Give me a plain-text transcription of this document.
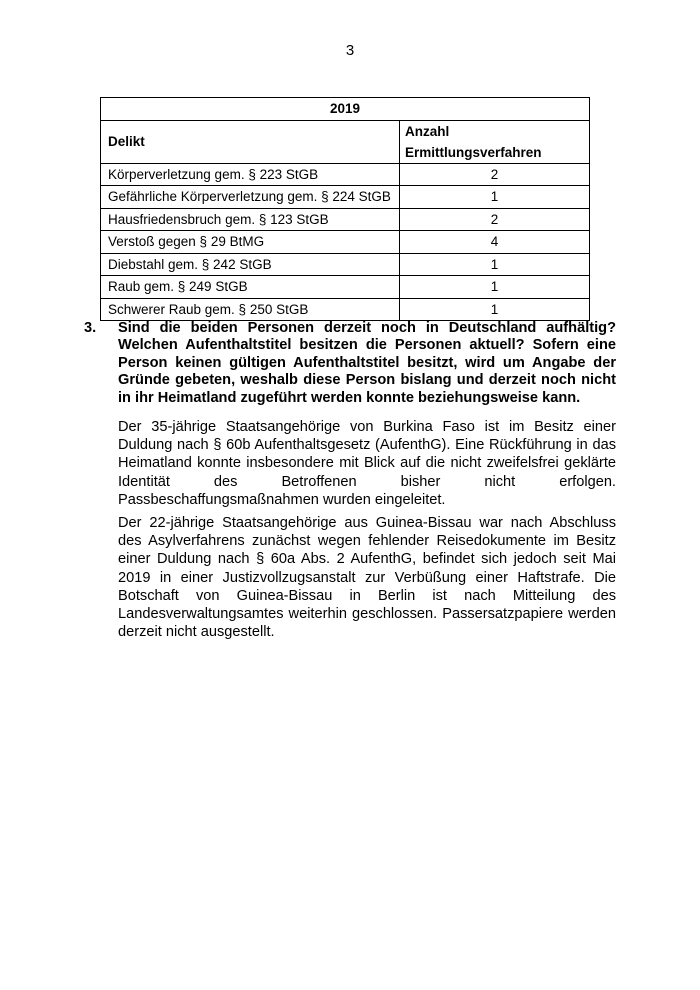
3
2019	
Delikt	Anzahl Ermittlungsverfahren
Körperverletzung gem. § 223 StGB	2
Gefährliche Körperverletzung gem. § 224 StGB	1
Hausfriedensbruch gem. § 123 StGB	2
Verstoß gegen § 29 BtMG	4
Diebstahl gem. § 242 StGB	1
Raub gem. § 249 StGB	1
Schwerer Raub gem. § 250 StGB	1
3. Sind die beiden Personen derzeit noch in Deutschland aufhältig? Welchen Aufenthaltstitel besitzen die Personen aktuell? Sofern eine Person keinen gültigen Aufenthaltstitel besitzt, wird um Angabe der Gründe gebeten, weshalb diese Person bislang und derzeit noch nicht in ihr Heimatland zugeführt werden konnte beziehungsweise kann.

Der 35-jährige Staatsangehörige von Burkina Faso ist im Besitz einer Duldung nach § 60b Aufenthaltsgesetz (AufenthG). Eine Rückführung in das Heimatland konnte insbesondere mit Blick auf die nicht zweifelsfrei geklärte Identität des Betroffenen bisher nicht erfolgen. Passbeschaffungsmaßnahmen wurden eingeleitet.

Der 22-jährige Staatsangehörige aus Guinea-Bissau war nach Abschluss des Asylverfahrens zunächst wegen fehlender Reisedokumente im Besitz einer Duldung nach § 60a Abs. 2 AufenthG, befindet sich jedoch seit Mai 2019 in einer Justizvollzugsanstalt zur Verbüßung einer Haftstrafe. Die Botschaft von Guinea-Bissau in Berlin ist nach Mitteilung des Landesverwaltungsamtes weiterhin geschlossen. Passersatzpapiere werden derzeit nicht ausgestellt.
